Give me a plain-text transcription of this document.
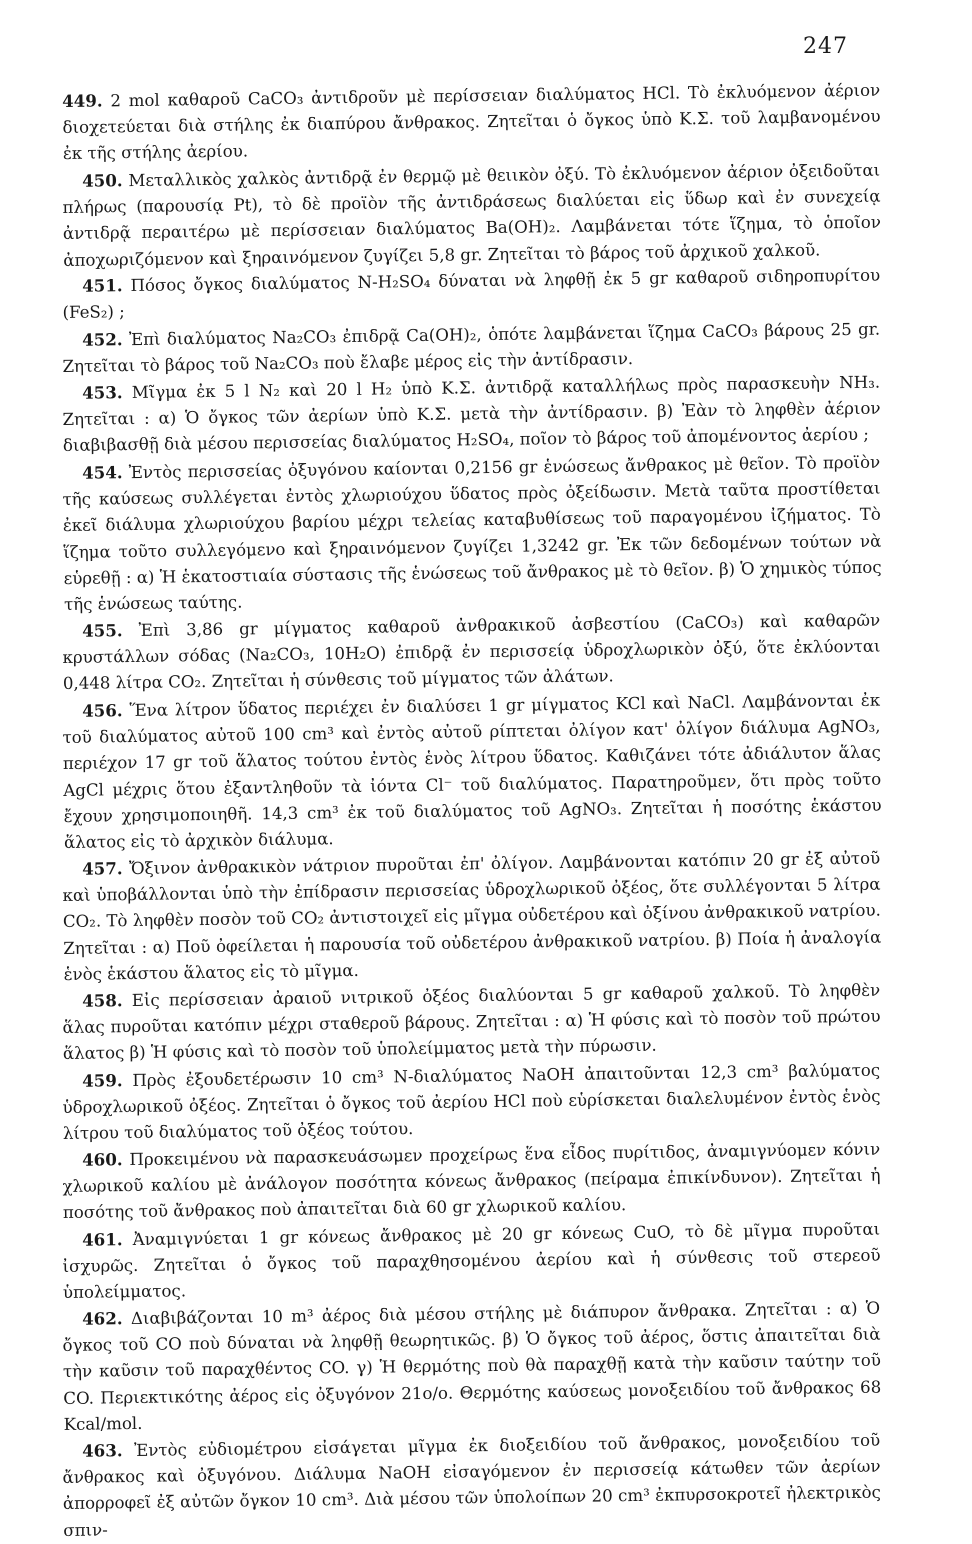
247

449. 2 mol καθαροῦ CaCO₃ ἀντιδροῦν μὲ περίσσειαν διαλύματος HCl. Τὸ ἐκλυόμενον ἀέριον διοχετεύεται διὰ στήλης ἐκ διαπύρου ἄνθρακος. Ζητεῖται ὁ ὄγκος ὑπὸ Κ.Σ. τοῦ λαμβανομένου ἐκ τῆς στήλης ἀερίου.

450. Μεταλλικὸς χαλκὸς ἀντιδρᾷ ἐν θερμῷ μὲ θειικὸν ὀξύ. Τὸ ἐκλυόμενον ἀέριον ὀξειδοῦται πλήρως (παρουσίᾳ Pt), τὸ δὲ προϊὸν τῆς ἀντιδράσεως διαλύεται εἰς ὕδωρ καὶ ἐν συνεχείᾳ ἀντιδρᾷ περαιτέρω μὲ περίσσειαν διαλύματος Ba(OH)₂. Λαμβάνεται τότε ἵζημα, τὸ ὁποῖον ἀποχωριζόμενον καὶ ξηραινόμενον ζυγίζει 5,8 gr. Ζητεῖται τὸ βάρος τοῦ ἀρχικοῦ χαλκοῦ.

451. Πόσος ὄγκος διαλύματος N-H₂SO₄ δύναται νὰ ληφθῇ ἐκ 5 gr καθαροῦ σιδηροπυρίτου (FeS₂) ;

452. Ἐπὶ διαλύματος Na₂CO₃ ἐπιδρᾷ Ca(OH)₂, ὁπότε λαμβάνεται ἵζημα CaCO₃ βάρους 25 gr. Ζητεῖται τὸ βάρος τοῦ Na₂CO₃ ποὺ ἔλαβε μέρος εἰς τὴν ἀντίδρασιν.

453. Μῖγμα ἐκ 5 l N₂ καὶ 20 l H₂ ὑπὸ Κ.Σ. ἀντιδρᾷ καταλλήλως πρὸς παρασκευὴν NH₃. Ζητεῖται : α) Ὁ ὄγκος τῶν ἀερίων ὑπὸ Κ.Σ. μετὰ τὴν ἀντίδρασιν. β) Ἐὰν τὸ ληφθὲν ἀέριον διαβιβασθῇ διὰ μέσου περισσείας διαλύματος H₂SO₄, ποῖον τὸ βάρος τοῦ ἀπομένοντος ἀερίου ;

454. Ἐντὸς περισσείας ὀξυγόνου καίονται 0,2156 gr ἑνώσεως ἄνθρακος μὲ θεῖον. Τὸ προϊὸν τῆς καύσεως συλλέγεται ἐντὸς χλωριούχου ὕδατος πρὸς ὀξείδωσιν. Μετὰ ταῦτα προστίθεται ἐκεῖ διάλυμα χλωριούχου βαρίου μέχρι τελείας καταβυθίσεως τοῦ παραγομένου ἰζήματος. Τὸ ἵζημα τοῦτο συλλεγόμενο καὶ ξηραινόμενον ζυγίζει 1,3242 gr. Ἐκ τῶν δεδομένων τούτων νὰ εὑρεθῇ : α) Ἡ ἑκατοστιαία σύστασις τῆς ἑνώσεως τοῦ ἄνθρακος μὲ τὸ θεῖον. β) Ὁ χημικὸς τύπος τῆς ἑνώσεως ταύτης.

455. Ἐπὶ 3,86 gr μίγματος καθαροῦ ἀνθρακικοῦ ἀσβεστίου (CaCO₃) καὶ καθαρῶν κρυστάλλων σόδας (Na₂CO₃, 10H₂O) ἐπιδρᾷ ἐν περισσείᾳ ὑδροχλωρικὸν ὀξύ, ὅτε ἐκλύονται 0,448 λίτρα CO₂. Ζητεῖται ἡ σύνθεσις τοῦ μίγματος τῶν ἀλάτων.

456. Ἕνα λίτρον ὕδατος περιέχει ἐν διαλύσει 1 gr μίγματος KCl καὶ NaCl. Λαμβάνονται ἐκ τοῦ διαλύματος αὐτοῦ 100 cm³ καὶ ἐντὸς αὐτοῦ ρίπτεται ὀλίγον κατ' ὀλίγον διάλυμα AgNO₃, περιέχον 17 gr τοῦ ἅλατος τούτου ἐντὸς ἑνὸς λίτρου ὕδατος. Καθιζάνει τότε ἀδιάλυτον ἅλας AgCl μέχρις ὅτου ἐξαντληθοῦν τὰ ἰόντα Cl⁻ τοῦ διαλύματος. Παρατηροῦμεν, ὅτι πρὸς τοῦτο ἔχουν χρησιμοποιηθῆ. 14,3 cm³ ἐκ τοῦ διαλύματος τοῦ AgNO₃. Ζητεῖται ἡ ποσότης ἑκάστου ἅλατος εἰς τὸ ἀρχικὸν διάλυμα.

457. Ὄξινον ἀνθρακικὸν νάτριον πυροῦται ἐπ' ὀλίγον. Λαμβάνονται κατόπιν 20 gr ἐξ αὐτοῦ καὶ ὑποβάλλονται ὑπὸ τὴν ἐπίδρασιν περισσείας ὑδροχλωρικοῦ ὀξέος, ὅτε συλλέγονται 5 λίτρα CO₂. Τὸ ληφθὲν ποσὸν τοῦ CO₂ ἀντιστοιχεῖ εἰς μῖγμα οὐδετέρου καὶ ὀξίνου ἀνθρακικοῦ νατρίου. Ζητεῖται : α) Ποῦ ὀφείλεται ἡ παρουσία τοῦ οὐδετέρου ἀνθρακικοῦ νατρίου. β) Ποία ἡ ἀναλογία ἑνὸς ἑκάστου ἅλατος εἰς τὸ μῖγμα.

458. Εἰς περίσσειαν ἀραιοῦ νιτρικοῦ ὀξέος διαλύονται 5 gr καθαροῦ χαλκοῦ. Τὸ ληφθὲν ἅλας πυροῦται κατόπιν μέχρι σταθεροῦ βάρους. Ζητεῖται : α) Ἡ φύσις καὶ τὸ ποσὸν τοῦ πρώτου ἅλατος β) Ἡ φύσις καὶ τὸ ποσὸν τοῦ ὑπολείμματος μετὰ τὴν πύρωσιν.

459. Πρὸς ἐξουδετέρωσιν 10 cm³ N-διαλύματος NaOH ἀπαιτοῦνται 12,3 cm³ βαλύματος ὑδροχλωρικοῦ ὀξέος. Ζητεῖται ὁ ὄγκος τοῦ ἀερίου HCl ποὺ εὑρίσκεται διαλελυμένον ἐντὸς ἑνὸς λίτρου τοῦ διαλύματος τοῦ ὀξέος τούτου.

460. Προκειμένου νὰ παρασκευάσωμεν προχείρως ἕνα εἶδος πυρίτιδος, ἀναμιγνύομεν κόνιν χλωρικοῦ καλίου μὲ ἀνάλογον ποσότητα κόνεως ἄνθρακος (πείραμα ἐπικίνδυνον). Ζητεῖται ἡ ποσότης τοῦ ἄνθρακος ποὺ ἀπαιτεῖται διὰ 60 gr χλωρικοῦ καλίου.

461. Ἀναμιγνύεται 1 gr κόνεως ἄνθρακος μὲ 20 gr κόνεως CuO, τὸ δὲ μῖγμα πυροῦται ἰσχυρῶς. Ζητεῖται ὁ ὄγκος τοῦ παραχθησομένου ἀερίου καὶ ἡ σύνθεσις τοῦ στερεοῦ ὑπολείμματος.

462. Διαβιβάζονται 10 m³ ἀέρος διὰ μέσου στήλης μὲ διάπυρον ἄνθρακα. Ζητεῖται : α) Ὁ ὄγκος τοῦ CO ποὺ δύναται νὰ ληφθῇ θεωρητικῶς. β) Ὁ ὄγκος τοῦ ἀέρος, ὅστις ἀπαιτεῖται διὰ τὴν καῦσιν τοῦ παραχθέντος CO. γ) Ἡ θερμότης ποὺ θὰ παραχθῇ κατὰ τὴν καῦσιν ταύτην τοῦ CO. Περιεκτικότης ἀέρος εἰς ὀξυγόνον 21ο/ο. Θερμότης καύσεως μονοξειδίου τοῦ ἄνθρακος 68 Kcal/mol.

463. Ἐντὸς εὐδιομέτρου εἰσάγεται μῖγμα ἐκ διοξειδίου τοῦ ἄνθρακος, μονοξειδίου τοῦ ἄνθρακος καὶ ὀξυγόνου. Διάλυμα NaOH εἰσαγόμενον ἐν περισσείᾳ κάτωθεν τῶν ἀερίων ἀπορροφεῖ ἐξ αὐτῶν ὄγκον 10 cm³. Διὰ μέσου τῶν ὑπολοίπων 20 cm³ ἐκπυρσοκροτεῖ ἠλεκτρικὸς σπιν-
